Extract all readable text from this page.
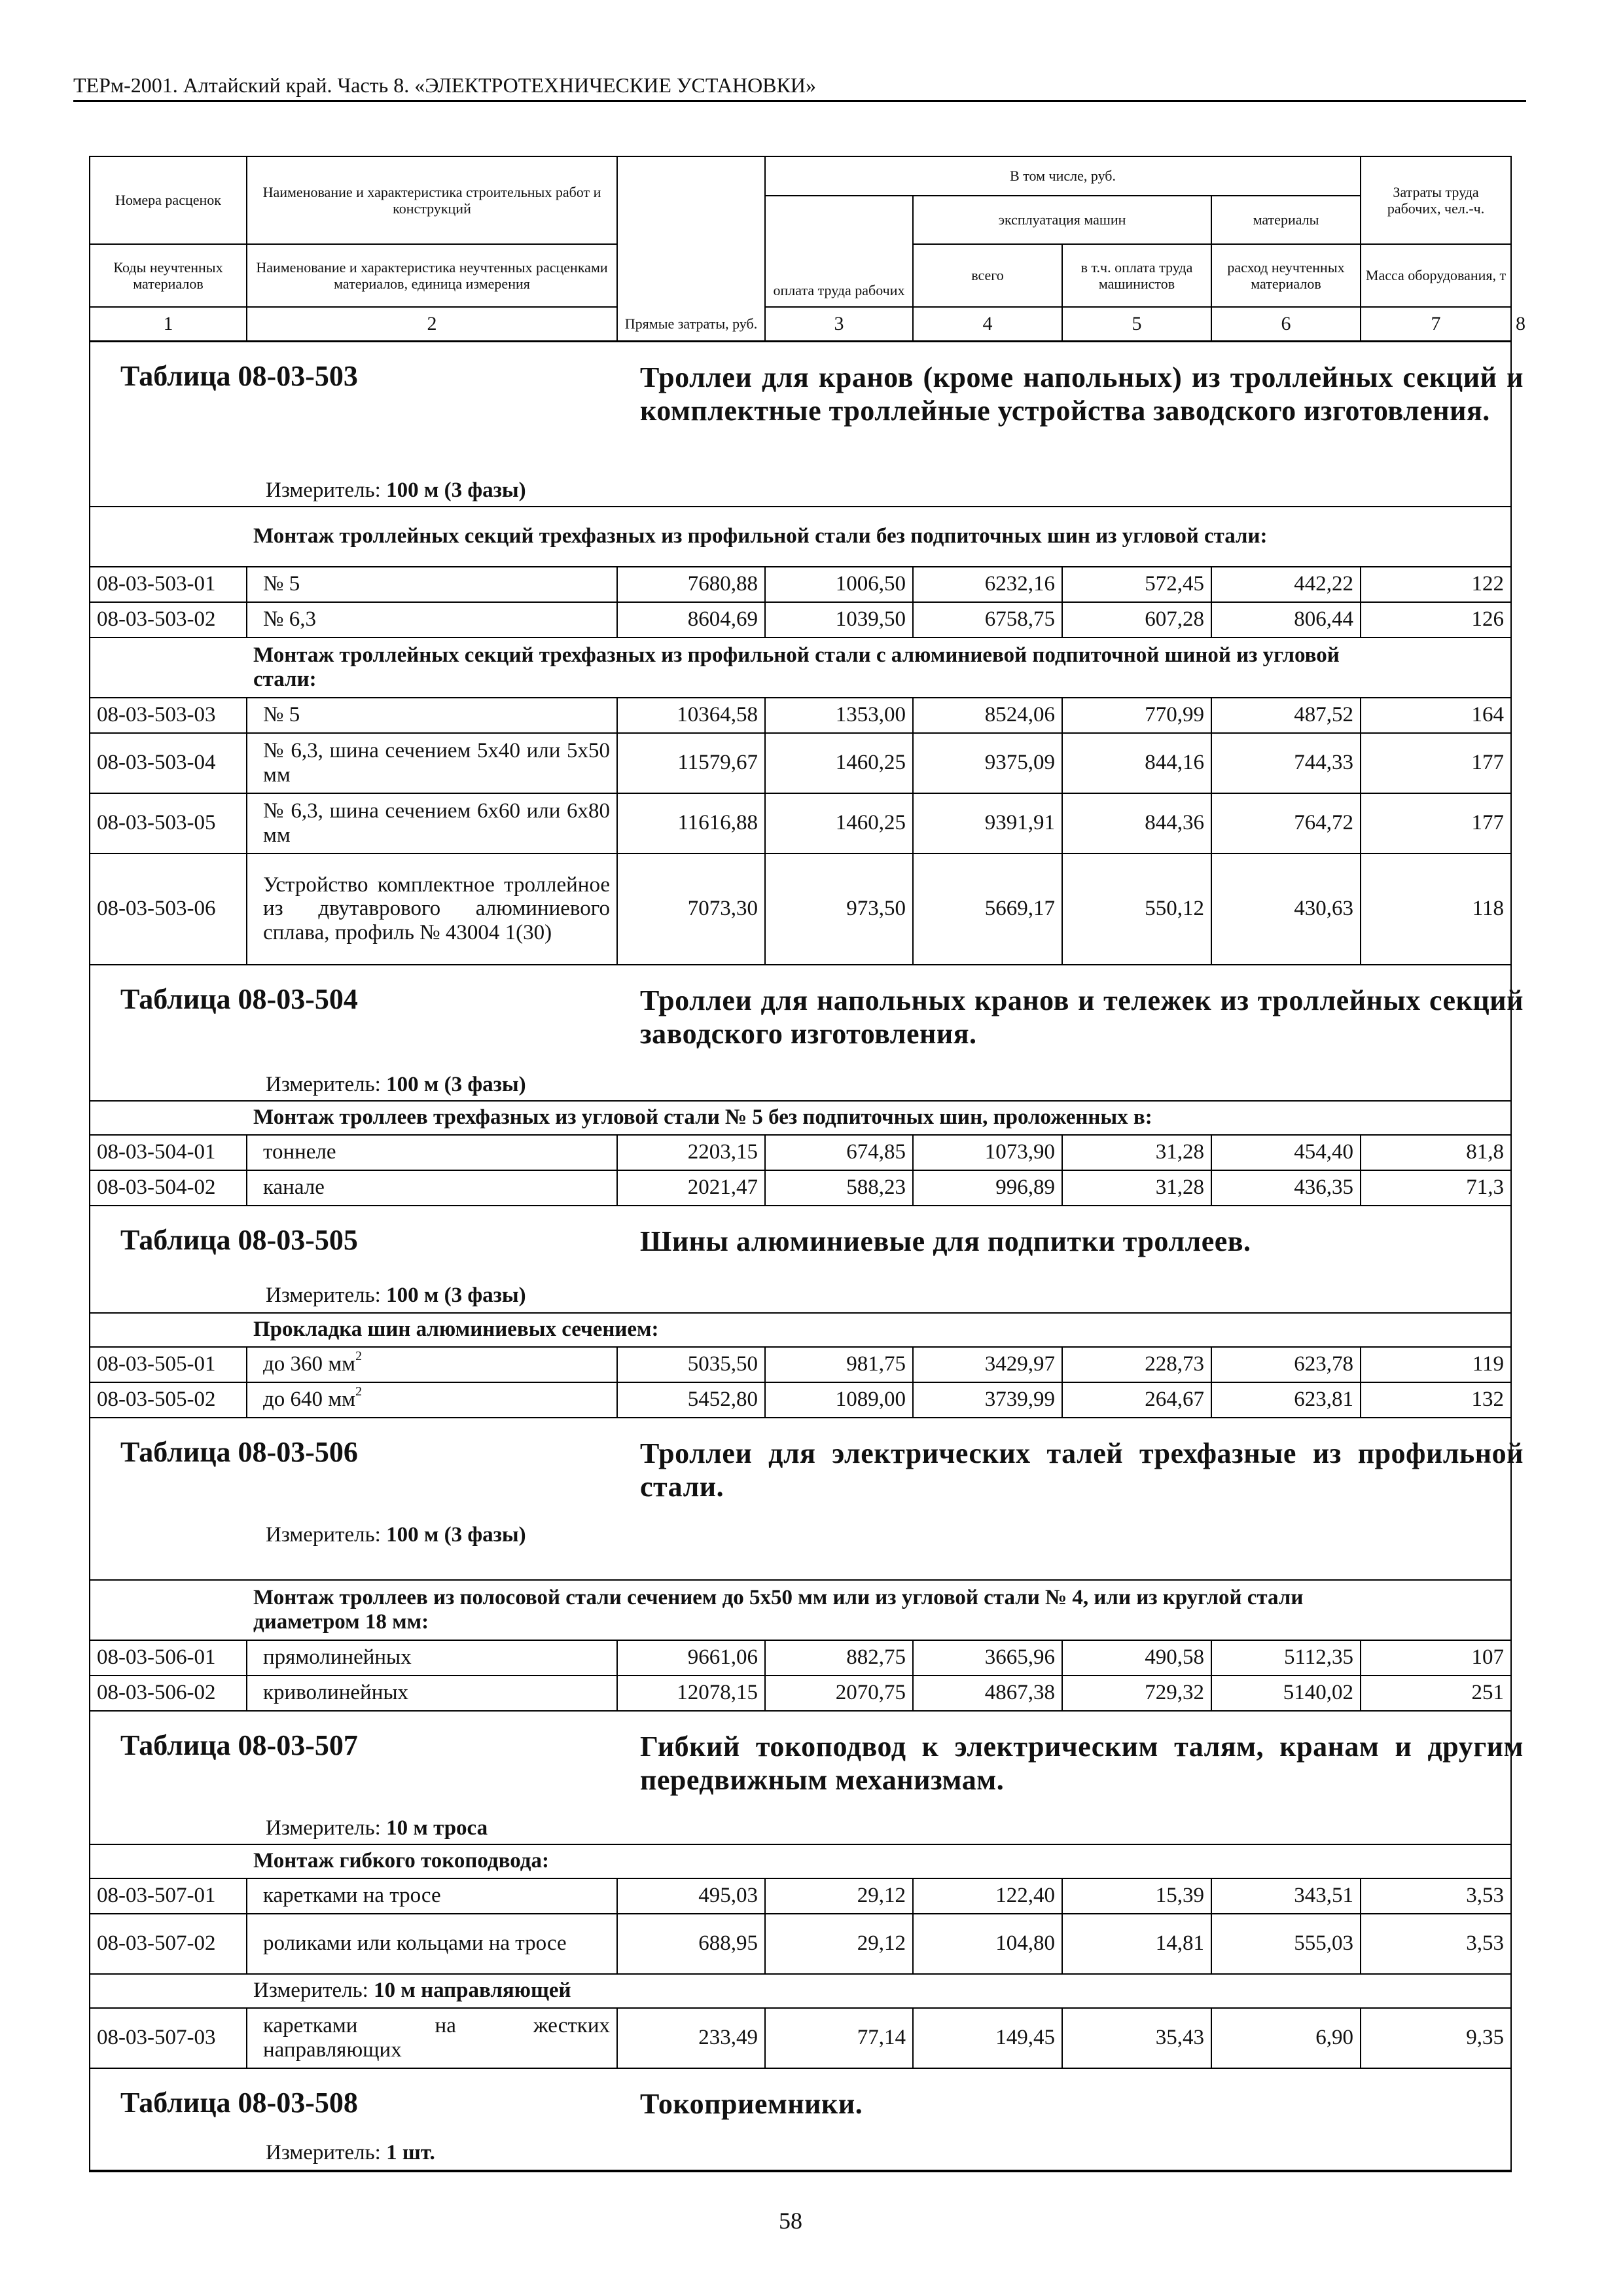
ТЕРм-2001. Алтайский край. Часть 8. «ЭЛЕКТРОТЕХНИЧЕСКИЕ УСТАНОВКИ»
Номера расценок	Наименование и характеристика строительных работ и конструкций	Прямые затраты, руб.	В том числе, руб.				Затраты труда рабочих, чел.-ч.	
			оплата труда рабочих	эксплуатация машин		материалы		
Коды неучтенных материалов	Наименование и характеристика неучтенных расценками материалов, единица измерения			всего	в т.ч. оплата труда машинистов	расход неучтенных материалов	Масса оборудования, т	
1	2		3	4	5	6	7	8

Таблица 08-03-503 Троллеи для кранов (кроме напольных) из троллейных секций и комплектные троллейные устройства заводского изготовления.
Измеритель: 100 м (3 фазы)								

	Монтаж троллейных секций трехфазных из профильной стали без подпиточных шин из угловой стали:							
08-03-503-01	№ 5	7680,88	1006,50	6232,16	572,45	442,22	122	
08-03-503-02	№ 6,3	8604,69	1039,50	6758,75	607,28	806,44	126	
	Монтаж троллейных секций трехфазных из профильной стали с алюминиевой подпиточной шиной из угловой стали:							
08-03-503-03	№ 5	10364,58	1353,00	8524,06	770,99	487,52	164	
08-03-503-04	№ 6,3, шина сечением 5х40 или 5х50 мм	11579,67	1460,25	9375,09	844,16	744,33	177	
08-03-503-05	№ 6,3, шина сечением 6х60 или 6х80 мм	11616,88	1460,25	9391,91	844,36	764,72	177	
08-03-503-06	Устройство комплектное троллейное из двутаврового алюминиевого сплава, профиль № 43004 1(30)	7073,30	973,50	5669,17	550,12	430,63	118	

Таблица 08-03-504 Троллеи для напольных кранов и тележек из троллейных секций заводского изготовления.
Измеритель: 100 м (3 фазы)								

	Монтаж троллеев трехфазных из угловой стали № 5 без подпиточных шин, проложенных в:							
08-03-504-01	тоннеле	2203,15	674,85	1073,90	31,28	454,40	81,8	
08-03-504-02	канале	2021,47	588,23	996,89	31,28	436,35	71,3	

Таблица 08-03-505 Шины алюминиевые для подпитки троллеев.
Измеритель: 100 м (3 фазы)								

	Прокладка шин алюминиевых сечением:							
08-03-505-01	до 360 $мм^2$	5035,50	981,75	3429,97	228,73	623,78	119	
08-03-505-02	до 640 $мм^2$	5452,80	1089,00	3739,99	264,67	623,81	132	

Таблица 08-03-506 Троллеи для электрических талей трехфазные из профильной стали.
Измеритель: 100 м (3 фазы)								

	Монтаж троллеев из полосовой стали сечением до 5х50 мм или из угловой стали № 4, или из круглой стали диаметром 18 мм:							
08-03-506-01	прямолинейных	9661,06	882,75	3665,96	490,58	5112,35	107	
08-03-506-02	криволинейных	12078,15	2070,75	4867,38	729,32	5140,02	251	

Таблица 08-03-507 Гибкий токоподвод к электрическим талям, кранам и другим передвижным механизмам.
Измеритель: 10 м троса								

	Монтаж гибкого токоподвода:							
08-03-507-01	каретками на тросе	495,03	29,12	122,40	15,39	343,51	3,53	
08-03-507-02	роликами или кольцами на тросе	688,95	29,12	104,80	14,81	555,03	3,53	
	Измеритель: 10 м направляющей							
08-03-507-03	каретками на жестких направляющих	233,49	77,14	149,45	35,43	6,90	9,35	

Таблица 08-03-508 Токоприемники.
Измеритель: 1 шт.								
58
